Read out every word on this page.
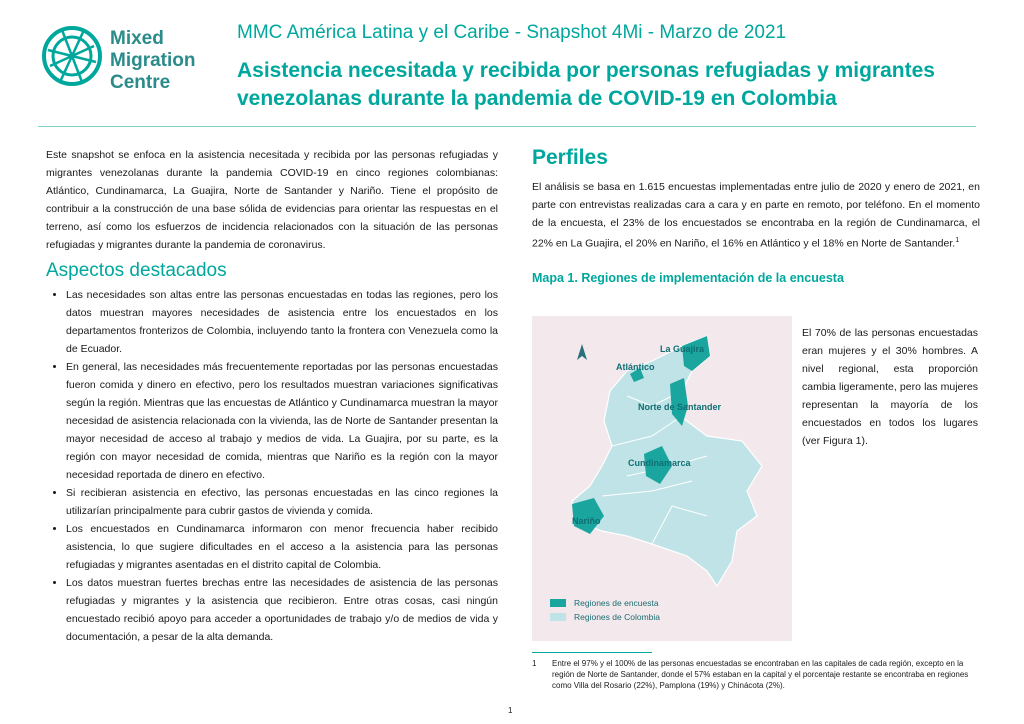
Mixed
Migration
Centre
MMC América Latina y el Caribe - Snapshot 4Mi - Marzo de 2021
Asistencia necesitada y recibida por personas refugiadas y migrantes venezolanas durante la pandemia de COVID-19 en Colombia

Este snapshot se enfoca en la asistencia necesitada y recibida por las personas refugiadas y migrantes venezolanas durante la pandemia COVID-19 en cinco regiones colombianas: Atlántico, Cundinamarca, La Guajira, Norte de Santander y Nariño. Tiene el propósito de contribuir a la construcción de una base sólida de evidencias para orientar las respuestas en el terreno, así como los esfuerzos de incidencia relacionados con la situación de las personas refugiadas y migrantes durante la pandemia de coronavirus.

Aspectos destacados
• Las necesidades son altas entre las personas encuestadas en todas las regiones, pero los datos muestran mayores necesidades de asistencia entre los encuestados en los departamentos fronterizos de Colombia, incluyendo tanto la frontera con Venezuela como la de Ecuador.
• En general, las necesidades más frecuentemente reportadas por las personas encuestadas fueron comida y dinero en efectivo, pero los resultados muestran variaciones significativas según la región. Mientras que las encuestas de Atlántico y Cundinamarca muestran la mayor necesidad de asistencia relacionada con la vivienda, las de Norte de Santander presentan la mayor necesidad de acceso al trabajo y medios de vida. La Guajira, por su parte, es la región con mayor necesidad de comida, mientras que Nariño es la región con la mayor necesidad reportada de dinero en efectivo.
• Si recibieran asistencia en efectivo, las personas encuestadas en las cinco regiones la utilizarían principalmente para cubrir gastos de vivienda y comida.
• Los encuestados en Cundinamarca informaron con menor frecuencia haber recibido asistencia, lo que sugiere dificultades en el acceso a la asistencia para las personas refugiadas y migrantes asentadas en el distrito capital de Colombia.
• Los datos muestran fuertes brechas entre las necesidades de asistencia de las personas refugiadas y migrantes y la asistencia que recibieron. Entre otras cosas, casi ningún encuestado recibió apoyo para acceder a oportunidades de trabajo y/o de medios de vida y documentación, a pesar de la alta demanda.
Perfiles

El análisis se basa en 1.615 encuestas implementadas entre julio de 2020 y enero de 2021, en parte con entrevistas realizadas cara a cara y en parte en remoto, por teléfono. En el momento de la encuesta, el 23% de los encuestados se encontraba en la región de Cundinamarca, el 22% en La Guajira, el 20% en Nariño, el 16% en Atlántico y el 18% en Norte de Santander.$^1$

Mapa 1. Regiones de implementación de la encuesta
La Guajira
Atlántico
Norte de Santander
Cundinamarca
Nariño
Regiones de encuesta
Regiones de Colombia

El 70% de las personas encuestadas eran mujeres y el 30% hombres. A nivel regional, esta proporción cambia ligeramente, pero las mujeres representan la mayoría de los encuestados en todos los lugares (ver Figura 1).

1	Entre el 97% y el 100% de las personas encuestadas se encontraban en las capitales de cada región, excepto en la región de Norte de Santander, donde el 57% estaban en la capital y el porcentaje restante se encontraba en regiones como Villa del Rosario (22%), Pamplona (19%) y Chinácota (2%).
1
